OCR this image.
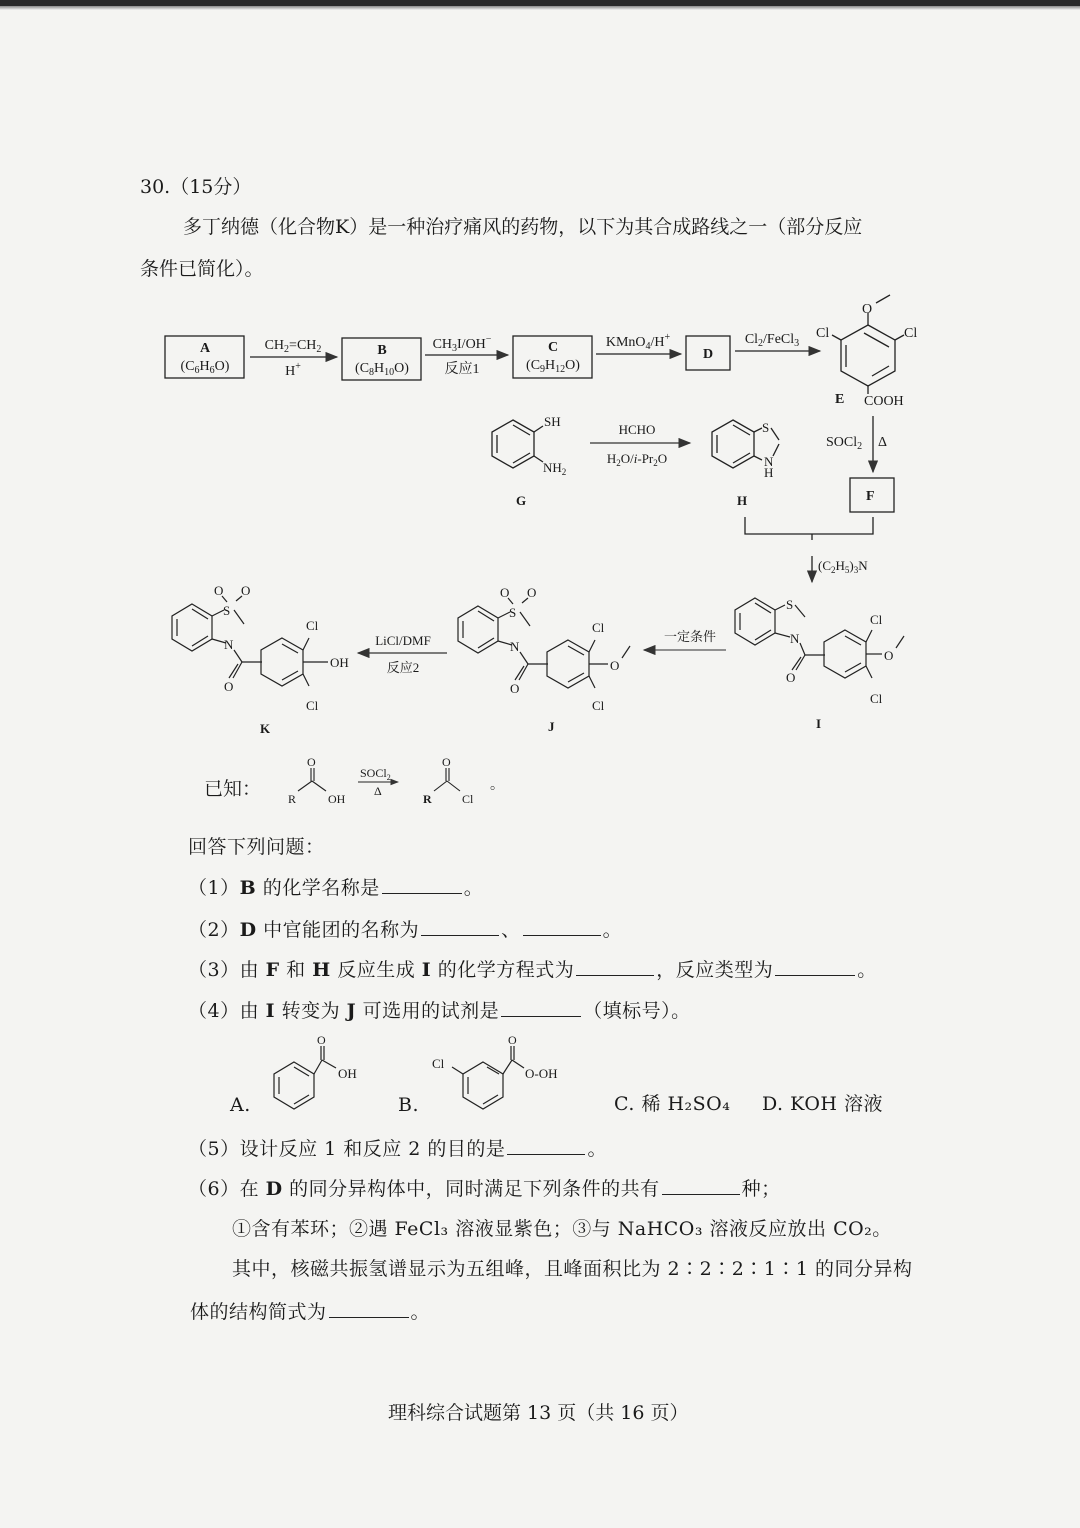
30.（15分）
多丁纳德（化合物K）是一种治疗痛风的药物，以下为其合成路线之一（部分反应
条件已简化）。
A
$(C_6H_6O)$
B
$(C_8H_{10}O)$
C
$(C_9H_{12}O)$
D
$CH_2=CH_2$
H+
$CH_3I/OH^-$
反应1
KMnO$_4$/H+	$Cl_2/FeCl_3$
O
Cl	Cl
E COOH
SOCl$_2$ Δ
F
SH
$NH_2$
G
HCHO
$H_2O/i-Pr_2O$
S
N
H
H
$(C_2H_5)_3N$
S
N
O
Cl
O
Cl
I
一定条件
O O
S
N
O
Cl
O
Cl
J
LiCl/DMF
反应2
O O
S
N
O
Cl
OH
Cl
K
已知：
O
R	OH
SOCl$_2$
Δ
O
R	Cl
。
回答下列问题：
（1）B 的化学名称是	。
（2）D 中官能团的名称为	、	。
（3）由 F 和 H 反应生成 I 的化学方程式为	，反应类型为	。
（4）由 I 转变为 J 可选用的试剂是	（填标号）。
A.
O
OH
B.
Cl
O
O-OH
C. 稀 H₂SO₄ D. KOH 溶液
（5）设计反应 1 和反应 2 的目的是	。
（6）在 D 的同分异构体中，同时满足下列条件的共有	种；
①含有苯环；②遇 FeCl₃ 溶液显紫色；③与 NaHCO₃ 溶液反应放出 CO₂。
其中，核磁共振氢谱显示为五组峰，且峰面积比为 2∶2∶2∶1∶1 的同分异构
体的结构简式为	。
理科综合试题第 13 页（共 16 页）
